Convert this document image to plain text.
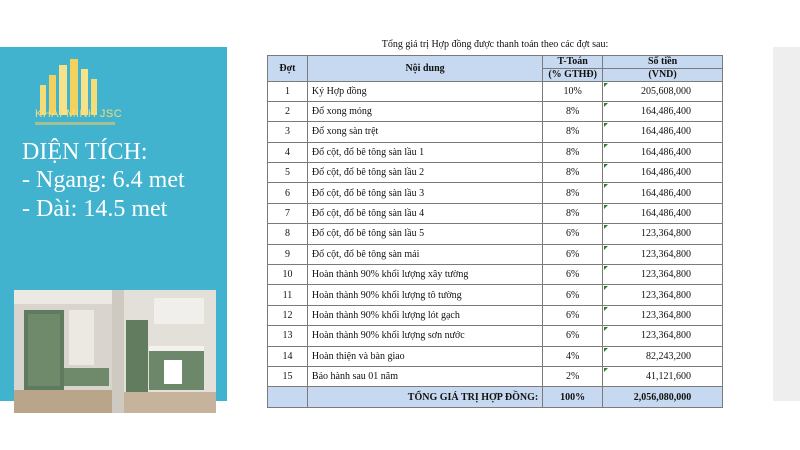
KHAI MINH JSC
DIỆN TÍCH:
- Ngang: 6.4 met
- Dài: 14.5 met
Tổng giá trị Hợp đồng được thanh toán theo các đợt sau:			
Đợt	Nội dung	T-Toán	Số tiền
		(% GTHĐ)	(VND)
1	Ký Hợp đồng	10%	205,608,000
2	Đổ xong móng	8%	164,486,400
3	Đổ xong sàn trệt	8%	164,486,400
4	Đổ cột, đổ bê tông sàn lầu 1	8%	164,486,400
5	Đổ cột, đổ bê tông sàn lầu 2	8%	164,486,400
6	Đổ cột, đổ bê tông sàn lầu 3	8%	164,486,400
7	Đổ cột, đổ bê tông sàn lầu 4	8%	164,486,400
8	Đổ cột, đổ bê tông sàn lầu 5	6%	123,364,800
9	Đổ cột, đổ bê tông sàn mái	6%	123,364,800
10	Hoàn thành 90% khối lượng xây tường	6%	123,364,800
11	Hoàn thành 90% khối lượng tô tường	6%	123,364,800
12	Hoàn thành 90% khối lượng lót gạch	6%	123,364,800
13	Hoàn thành 90% khối lượng sơn nước	6%	123,364,800
14	Hoàn thiện và bàn giao	4%	82,243,200
15	Bảo hành sau 01 năm	2%	41,121,600
	TỔNG GIÁ TRỊ HỢP ĐỒNG:	100%	2,056,080,000
